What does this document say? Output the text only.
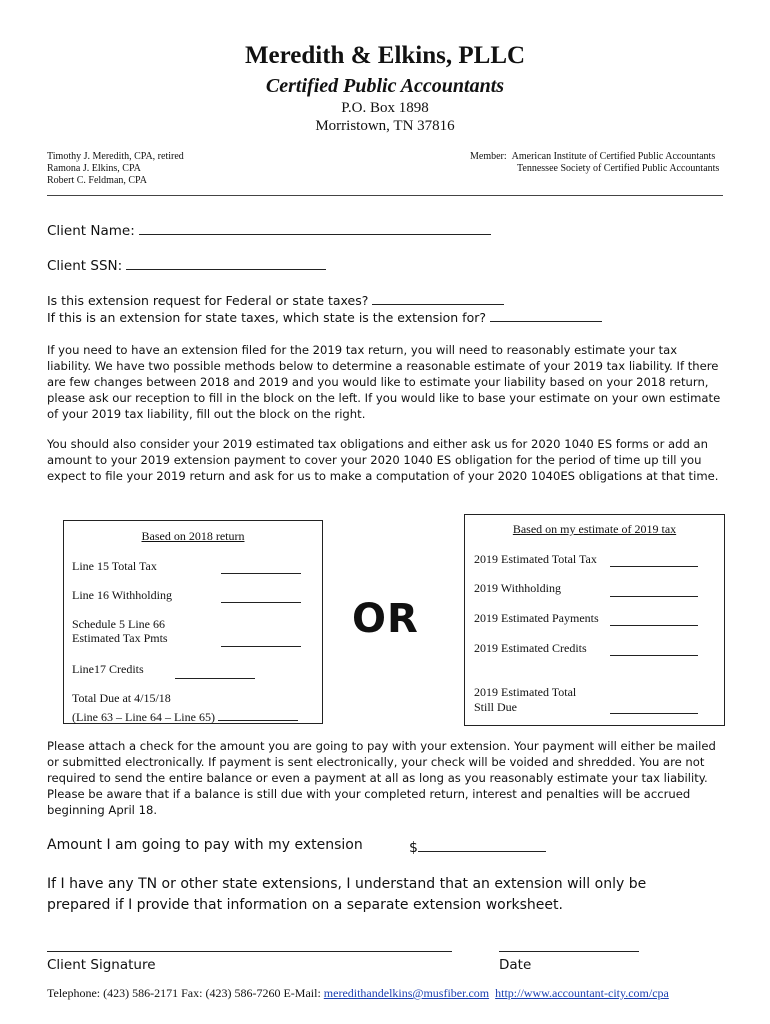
Meredith & Elkins, PLLC
Certified Public Accountants
P.O. Box 1898
Morristown, TN 37816
Timothy J. Meredith, CPA, retired
Ramona J. Elkins, CPA
Robert C. Feldman, CPA
Member: American Institute of Certified Public Accountants
Tennessee Society of Certified Public Accountants
Client Name:
Client SSN:
Is this extension request for Federal or state taxes?
If this is an extension for state taxes, which state is the extension for?
If you need to have an extension filed for the 2019 tax return, you will need to reasonably estimate your tax liability. We have two possible methods below to determine a reasonable estimate of your 2019 tax liability. If there are few changes between 2018 and 2019 and you would like to estimate your liability based on your 2018 return, please ask our reception to fill in the block on the left. If you would like to base your estimate on your own estimate of your 2019 tax liability, fill out the block on the right.
You should also consider your 2019 estimated tax obligations and either ask us for 2020 1040 ES forms or add an amount to your 2019 extension payment to cover your 2020 1040 ES obligation for the period of time up till you expect to file your 2019 return and ask for us to make a computation of your 2020 1040ES obligations at that time.
Based on 2018 return
Line 15 Total Tax
Line 16 Withholding
Schedule 5 Line 66
Estimated Tax Pmts
Line17 Credits
Total Due at 4/15/18
(Line 63 – Line 64 – Line 65)
OR
Based on my estimate of 2019 tax
2019 Estimated Total Tax
2019 Withholding
2019 Estimated Payments
2019 Estimated Credits
2019 Estimated Total
Still Due
Please attach a check for the amount you are going to pay with your extension. Your payment will either be mailed or submitted electronically. If payment is sent electronically, your check will be voided and shredded. You are not required to send the entire balance or even a payment at all as long as you reasonably estimate your tax liability. Please be aware that if a balance is still due with your completed return, interest and penalties will be accrued beginning April 18.
Amount I am going to pay with my extension	$
If I have any TN or other state extensions, I understand that an extension will only be prepared if I provide that information on a separate extension worksheet.
Client Signature	Date
Telephone: (423) 586-2171 Fax: (423) 586-7260 E-Mail: meredithandelkins@musfiber.com http://www.accountant-city.com/cpa
